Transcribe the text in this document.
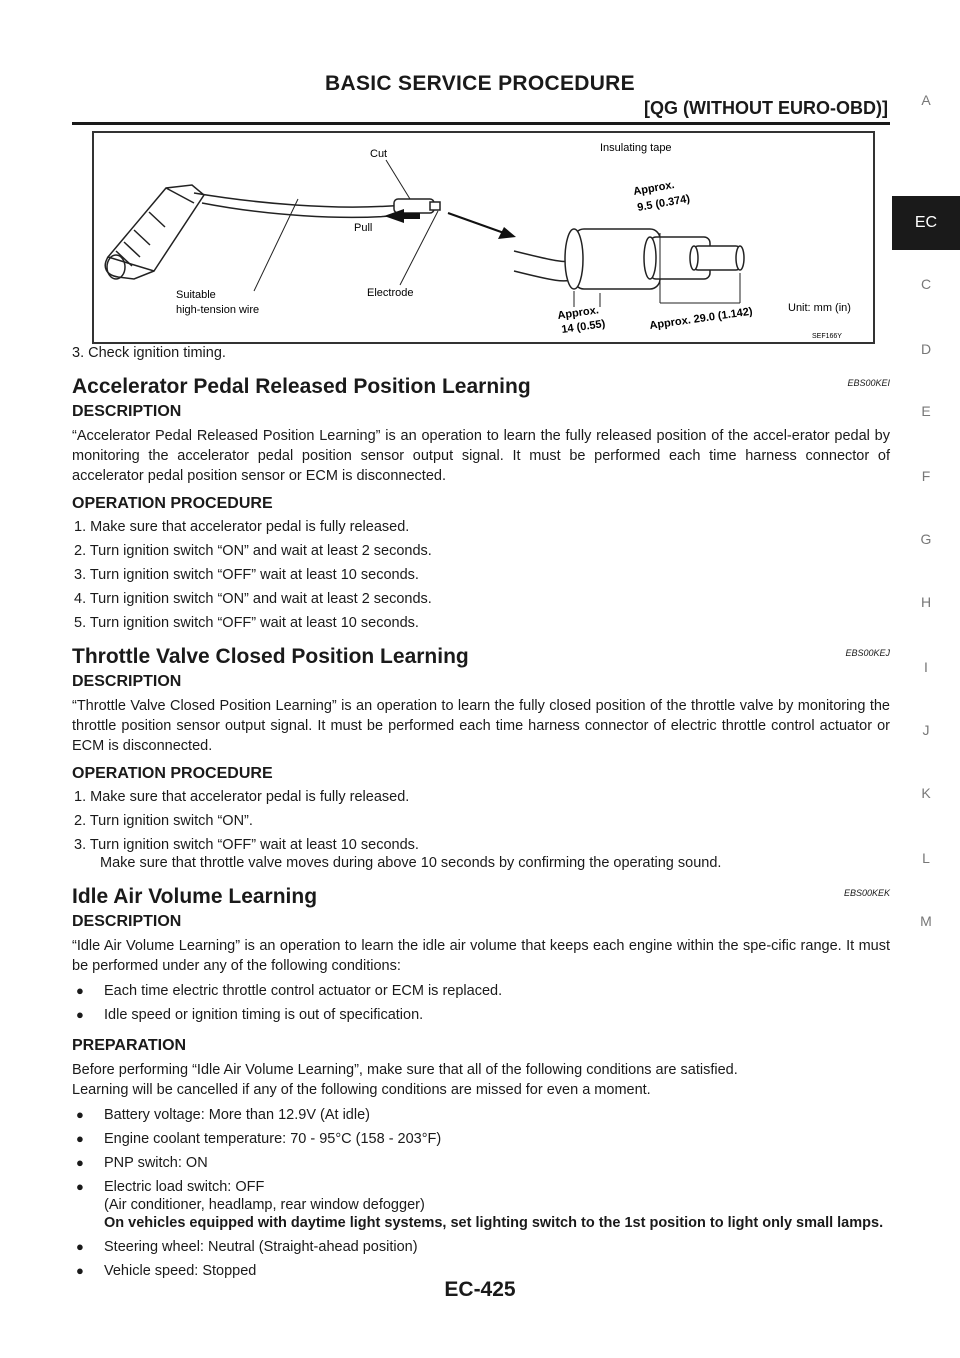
BASIC SERVICE PROCEDURE
[QG (WITHOUT EURO-OBD)]	A
EC
C
D
E
F
G
H
I
J
K
L
M
Cut
Pull
Electrode
Suitable
high-tension wire
Insulating tape
Approx.
9.5 (0.374)
Approx.
14 (0.55)	Approx. 29.0 (1.142)	Unit: mm (in)
SEF166Y
3. Check ignition timing.
Accelerator Pedal Released Position Learning	EBS00KEI
DESCRIPTION

“Accelerator Pedal Released Position Learning” is an operation to learn the fully released position of the accel-erator pedal by monitoring the accelerator pedal position sensor output signal. It must be performed each time harness connector of accelerator pedal position sensor or ECM is disconnected.

OPERATION PROCEDURE
1. Make sure that accelerator pedal is fully released.
2. Turn ignition switch “ON” and wait at least 2 seconds.
3. Turn ignition switch “OFF” wait at least 10 seconds.
4. Turn ignition switch “ON” and wait at least 2 seconds.
5. Turn ignition switch “OFF” wait at least 10 seconds.
Throttle Valve Closed Position Learning	EBS00KEJ
DESCRIPTION

“Throttle Valve Closed Position Learning” is an operation to learn the fully closed position of the throttle valve by monitoring the throttle position sensor output signal. It must be performed each time harness connector of electric throttle control actuator or ECM is disconnected.

OPERATION PROCEDURE
1. Make sure that accelerator pedal is fully released.
2. Turn ignition switch “ON”.
3. Turn ignition switch “OFF” wait at least 10 seconds.
Make sure that throttle valve moves during above 10 seconds by confirming the operating sound.
Idle Air Volume Learning	EBS00KEK
DESCRIPTION

“Idle Air Volume Learning” is an operation to learn the idle air volume that keeps each engine within the spe-cific range. It must be performed under any of the following conditions:

● Each time electric throttle control actuator or ECM is replaced.
● Idle speed or ignition timing is out of specification.
PREPARATION

Before performing “Idle Air Volume Learning”, make sure that all of the following conditions are satisfied.

Learning will be cancelled if any of the following conditions are missed for even a moment.

● Battery voltage: More than 12.9V (At idle)
● Engine coolant temperature: 70 - 95°C (158 - 203°F)
● PNP switch: ON
● Electric load switch: OFF
(Air conditioner, headlamp, rear window defogger)
On vehicles equipped with daytime light systems, set lighting switch to the 1st position to light only small lamps.
● Steering wheel: Neutral (Straight-ahead position)
● Vehicle speed: Stopped
EC-425
